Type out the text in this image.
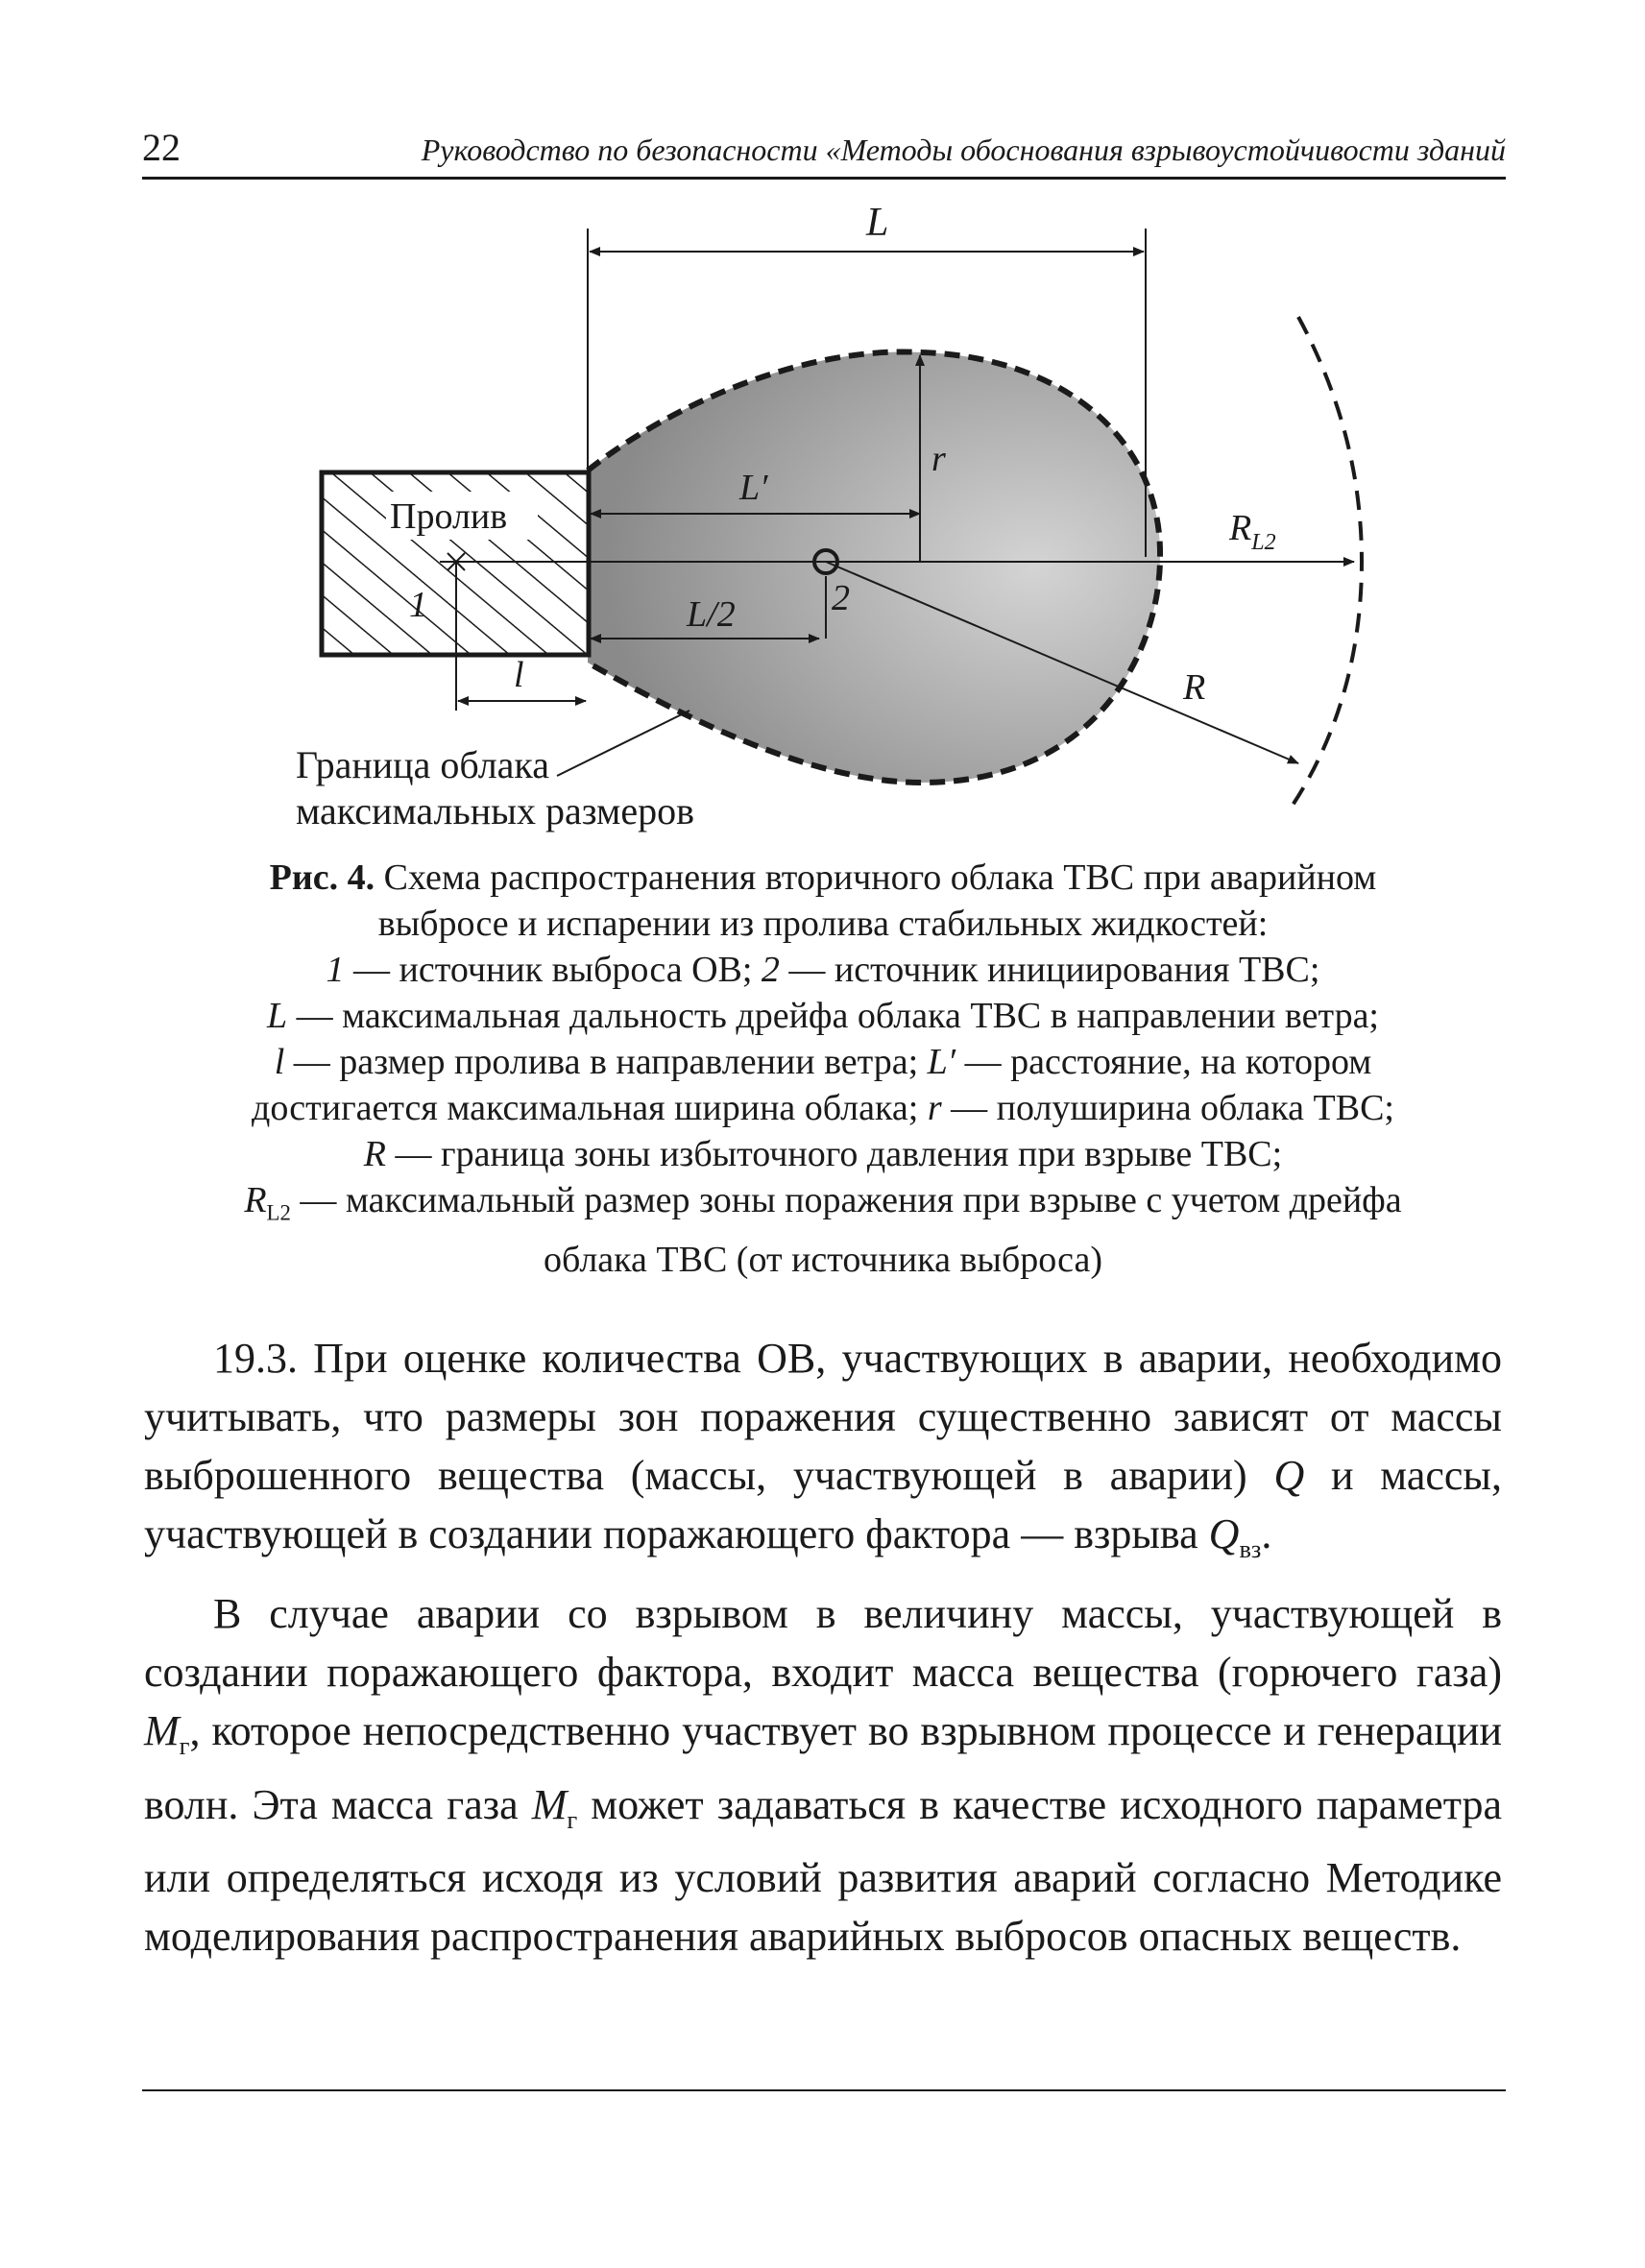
22	Руководство по безопасности «Методы обоснования взрывоустойчивости зданий
Пролив
L
$R_{L2}$
L′
r
L/2	2
1
l	R
Граница облака
максимальных размеров
Рис. 4. Схема распространения вторичного облака ТВС при аварийном
выбросе и испарении из пролива стабильных жидкостей:
1 — источник выброса ОВ; 2 — источник инициирования ТВС;
L — максимальная дальность дрейфа облака ТВС в направлении ветра;
l — размер пролива в направлении ветра; L′ — расстояние, на котором
достигается максимальная ширина облака; r — полуширина облака ТВС;
R — граница зоны избыточного давления при взрыве ТВС;
$R_{L2}$ — максимальный размер зоны поражения при взрыве с учетом дрейфа
облака ТВС (от источника выброса)

19.3. При оценке количества ОВ, участвующих в аварии, необходимо учитывать, что размеры зон поражения существенно зависят от массы выброшенного вещества (массы, участвующей в аварии) Q и массы, участвующей в создании поражающего фактора — взрыва $Q_{вз}$.

В случае аварии со взрывом в величину массы, участвующей в создании поражающего фактора, входит масса вещества (горючего газа) $M_г$, которое непосредственно участвует во взрывном процессе и генерации волн. Эта масса газа $M_г$ может задаваться в качестве исходного параметра или определяться исходя из условий развития аварий согласно Методике моделирования распространения аварийных выбросов опасных веществ.
